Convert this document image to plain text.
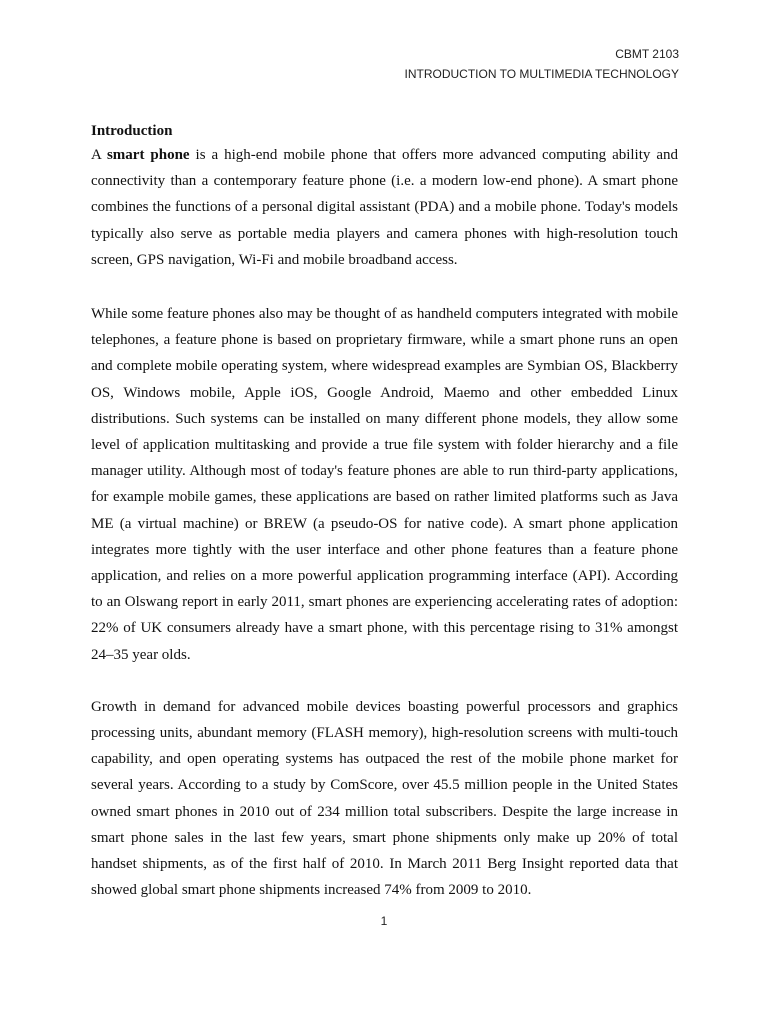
CBMT 2103
INTRODUCTION TO MULTIMEDIA TECHNOLOGY
Introduction

A smart phone is a high-end mobile phone that offers more advanced computing ability and connectivity than a contemporary feature phone (i.e. a modern low-end phone). A smart phone combines the functions of a personal digital assistant (PDA) and a mobile phone. Today's models typically also serve as portable media players and camera phones with high-resolution touch screen, GPS navigation, Wi-Fi and mobile broadband access.

While some feature phones also may be thought of as handheld computers integrated with mobile telephones, a feature phone is based on proprietary firmware, while a smart phone runs an open and complete mobile operating system, where widespread examples are Symbian OS, Blackberry OS, Windows mobile, Apple iOS, Google Android, Maemo and other embedded Linux distributions. Such systems can be installed on many different phone models, they allow some level of application multitasking and provide a true file system with folder hierarchy and a file manager utility. Although most of today's feature phones are able to run third-party applications, for example mobile games, these applications are based on rather limited platforms such as Java ME (a virtual machine) or BREW (a pseudo-OS for native code). A smart phone application integrates more tightly with the user interface and other phone features than a feature phone application, and relies on a more powerful application programming interface (API). According to an Olswang report in early 2011, smart phones are experiencing accelerating rates of adoption: 22% of UK consumers already have a smart phone, with this percentage rising to 31% amongst 24–35 year olds.

Growth in demand for advanced mobile devices boasting powerful processors and graphics processing units, abundant memory (FLASH memory), high-resolution screens with multi-touch capability, and open operating systems has outpaced the rest of the mobile phone market for several years. According to a study by ComScore, over 45.5 million people in the United States owned smart phones in 2010 out of 234 million total subscribers. Despite the large increase in smart phone sales in the last few years, smart phone shipments only make up 20% of total handset shipments, as of the first half of 2010. In March 2011 Berg Insight reported data that showed global smart phone shipments increased 74% from 2009 to 2010.

1
